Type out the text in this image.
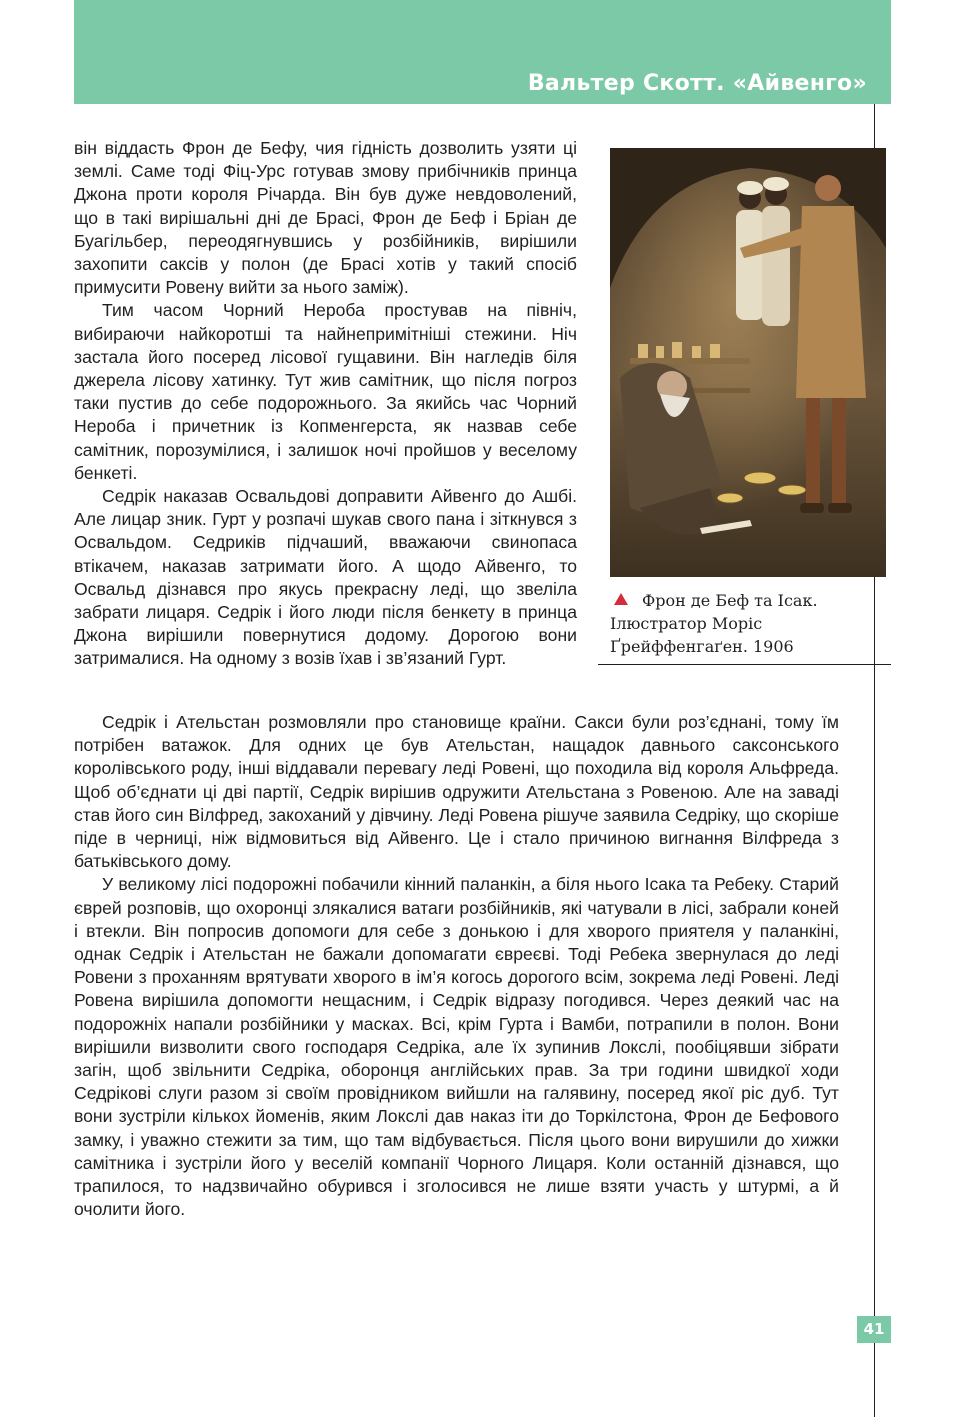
Вальтер Скотт. «Айвенго»

він віддасть Фрон де Бефу, чия гідність дозволить узяти ці землі. Саме тоді Фіц-Урс готував змову прибічників принца Джона проти короля Річарда. Він був дуже невдоволений, що в такі вирішальні дні де Брасі, Фрон де Беф і Бріан де Буагільбер, переодягнувшись у розбійників, вирішили захопити саксів у полон (де Брасі хотів у такий спосіб примусити Ровену вийти за нього заміж).

Тим часом Чорний Нероба простував на північ, вибираючи найкоротші та найнепримітніші стежини. Ніч застала його посеред лісової гущавини. Він нагледів біля джерела лісову хатинку. Тут жив самітник, що після погроз таки пустив до себе подорожнього. За якийсь час Чорний Нероба і причетник із Копменгерста, як назвав себе самітник, порозумілися, і залишок ночі пройшов у веселому бенкеті.

Седрік наказав Освальдові доправити Айвенго до Ашбі. Але лицар зник. Гурт у розпачі шукав свого пана і зіткнувся з Освальдом. Седриків підчаший, вважаючи свинопаса втікачем, наказав затримати його. А щодо Айвенго, то Освальд дізнався про якусь прекрасну леді, що звеліла забрати лицаря. Седрік і його люди після бенкету в принца Джона вирішили повернутися додому. Дорогою вони затрималися. На одному з возів їхав і зв’язаний Гурт.

Фрон де Беф та Ісак.
Ілюстратор Моріс
Ґрейффенгаґен. 1906

Седрік і Ательстан розмовляли про становище країни. Сакси були роз’єднані, тому їм потрібен ватажок. Для одних це був Ательстан, нащадок давнього саксонського королівського роду, інші віддавали перевагу леді Ровені, що походила від короля Альфреда. Щоб об’єднати ці дві партії, Седрік вирішив одружити Ательстана з Ровеною. Але на заваді став його син Вілфред, закоханий у дівчину. Леді Ровена рішуче заявила Седріку, що скоріше піде в черниці, ніж відмовиться від Айвенго. Це і стало причиною вигнання Вілфреда з батьківського дому.

У великому лісі подорожні побачили кінний паланкін, а біля нього Ісака та Ребеку. Старий єврей розповів, що охоронці злякалися ватаги розбійників, які чатували в лісі, забрали коней і втекли. Він попросив допомоги для себе з донькою і для хворого приятеля у паланкіні, однак Седрік і Ательстан не бажали допомагати євреєві. Тоді Ребека звернулася до леді Ровени з проханням врятувати хворого в ім’я когось дорогого всім, зокрема леді Ровені. Леді Ровена вирішила допомогти нещасним, і Седрік відразу погодився. Через деякий час на подорожніх напали розбійники у масках. Всі, крім Гурта і Вамби, потрапили в полон. Вони вирішили визволити свого господаря Седріка, але їх зупинив Локслі, пообіцявши зібрати загін, щоб звільнити Седріка, оборонця англійських прав. За три години швидкої ходи Седрікові слуги разом зі своїм провідником вийшли на галявину, посеред якої ріс дуб. Тут вони зустріли кількох йоменів, яким Локслі дав наказ іти до Торкілстона, Фрон де Бефового замку, і уважно стежити за тим, що там відбувається. Після цього вони вирушили до хижки самітника і зустріли його у веселій компанії Чорного Лицаря. Коли останній дізнався, що трапилося, то надзвичайно обурився і зголосився не лише взяти участь у штурмі, а й очолити його.

41
